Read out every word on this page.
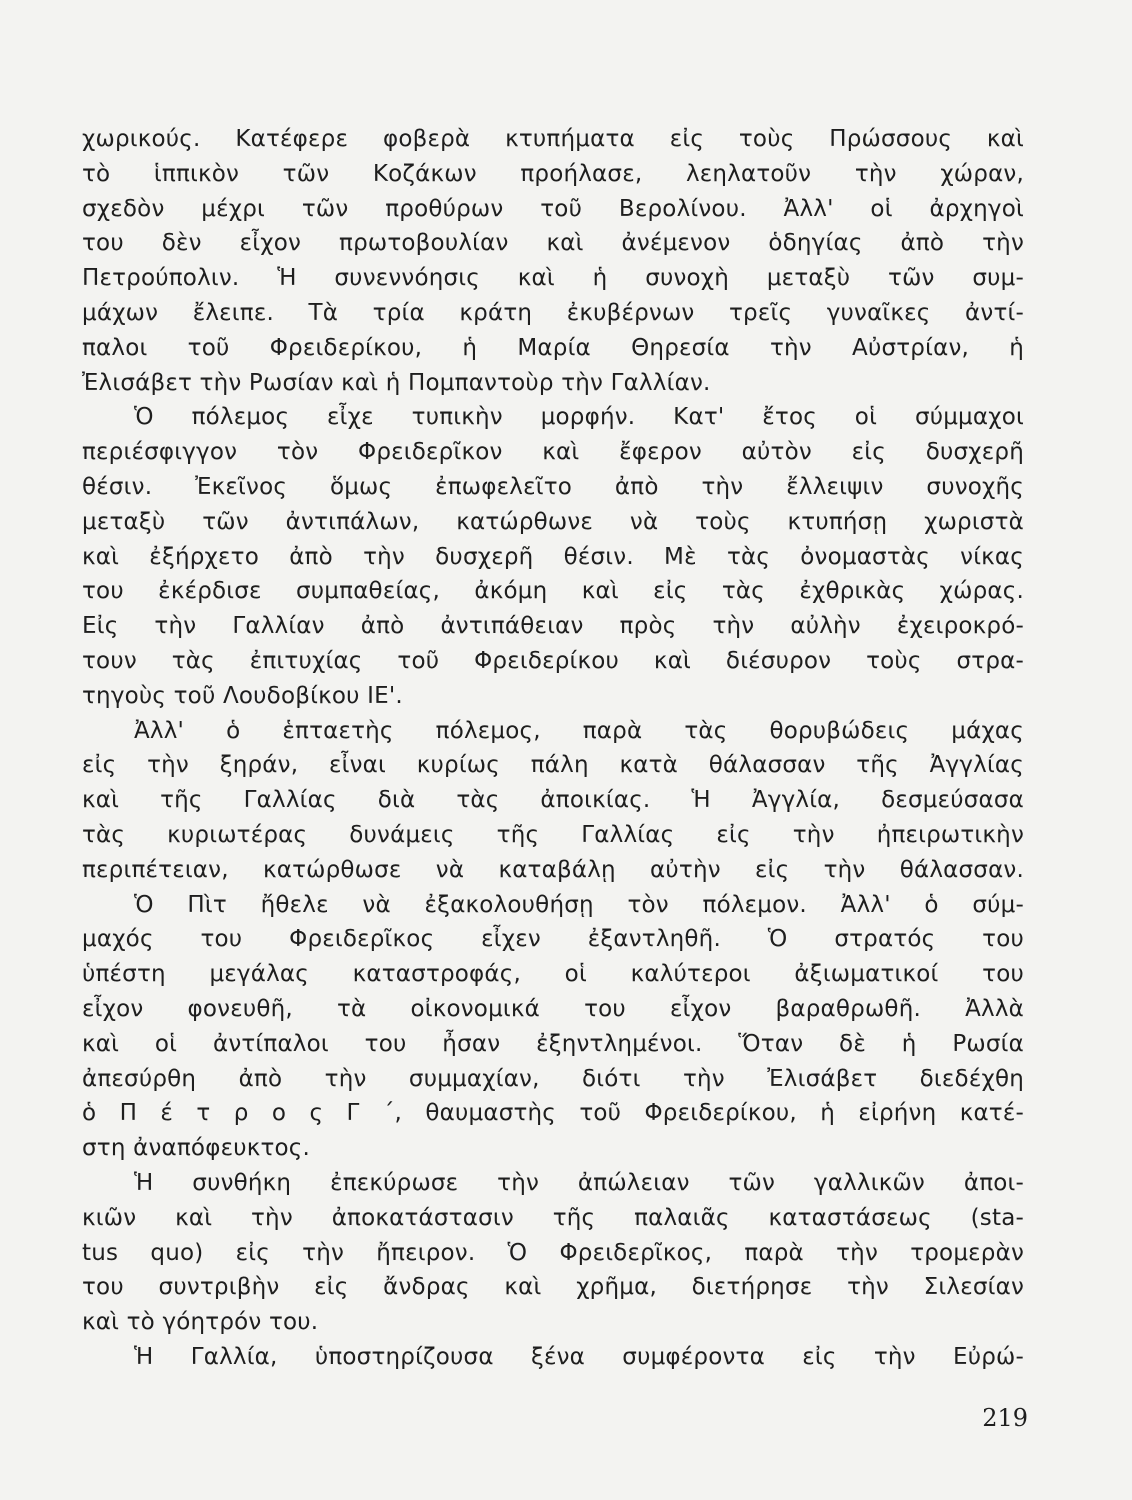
χωρικούς. Κατέφερε φοβερὰ κτυπήματα εἰς τοὺς Πρώσσους καὶ
τὸ ἱππικὸν τῶν Κοζάκων προήλασε, λεηλατοῦν τὴν χώραν,
σχεδὸν μέχρι τῶν προθύρων τοῦ Βερολίνου. Ἀλλ' οἱ ἀρχηγοὶ
του δὲν εἶχον πρωτοβουλίαν καὶ ἀνέμενον ὁδηγίας ἀπὸ τὴν
Πετρούπολιν. Ἡ συνεννόησις καὶ ἡ συνοχὴ μεταξὺ τῶν συμ-
μάχων ἔλειπε. Τὰ τρία κράτη ἐκυβέρνων τρεῖς γυναῖκες ἀντί-
παλοι τοῦ Φρειδερίκου, ἡ Μαρία Θηρεσία τὴν Αὐστρίαν, ἡ
Ἐλισάβετ τὴν Ρωσίαν καὶ ἡ Πομπαντοὺρ τὴν Γαλλίαν.
Ὁ πόλεμος εἶχε τυπικὴν μορφήν. Κατ' ἔτος οἱ σύμμαχοι
περιέσφιγγον τὸν Φρειδερῖκον καὶ ἔφερον αὐτὸν εἰς δυσχερῆ
θέσιν. Ἐκεῖνος ὅμως ἐπωφελεῖτο ἀπὸ τὴν ἔλλειψιν συνοχῆς
μεταξὺ τῶν ἀντιπάλων, κατώρθωνε νὰ τοὺς κτυπήσῃ χωριστὰ
καὶ ἐξήρχετο ἀπὸ τὴν δυσχερῆ θέσιν. Μὲ τὰς ὀνομαστὰς νίκας
του ἐκέρδισε συμπαθείας, ἀκόμη καὶ εἰς τὰς ἐχθρικὰς χώρας.
Εἰς τὴν Γαλλίαν ἀπὸ ἀντιπάθειαν πρὸς τὴν αὐλὴν ἐχειροκρό-
τουν τὰς ἐπιτυχίας τοῦ Φρειδερίκου καὶ διέσυρον τοὺς στρα-
τηγοὺς τοῦ Λουδοβίκου ΙΕ'.
Ἀλλ' ὁ ἑπταετὴς πόλεμος, παρὰ τὰς θορυβώδεις μάχας
εἰς τὴν ξηράν, εἶναι κυρίως πάλη κατὰ θάλασσαν τῆς Ἀγγλίας
καὶ τῆς Γαλλίας διὰ τὰς ἀποικίας. Ἡ Ἀγγλία, δεσμεύσασα
τὰς κυριωτέρας δυνάμεις τῆς Γαλλίας εἰς τὴν ἠπειρωτικὴν
περιπέτειαν, κατώρθωσε νὰ καταβάλῃ αὐτὴν εἰς τὴν θάλασσαν.
Ὁ Πὶτ ἤθελε νὰ ἐξακολουθήσῃ τὸν πόλεμον. Ἀλλ' ὁ σύμ-
μαχός του Φρειδερῖκος εἶχεν ἐξαντληθῆ. Ὁ στρατός του
ὑπέστη μεγάλας καταστροφάς, οἱ καλύτεροι ἀξιωματικοί του
εἶχον φονευθῆ, τὰ οἰκονομικά του εἶχον βαραθρωθῆ. Ἀλλὰ
καὶ οἱ ἀντίπαλοι του ἦσαν ἐξηντλημένοι. Ὅταν δὲ ἡ Ρωσία
ἀπεσύρθη ἀπὸ τὴν συμμαχίαν, διότι τὴν Ἐλισάβετ διεδέχθη
ὁ Π έ τ ρ ο ς Γ ΄, θαυμαστὴς τοῦ Φρειδερίκου, ἡ εἰρήνη κατέ-
στη ἀναπόφευκτος.
Ἡ συνθήκη ἐπεκύρωσε τὴν ἀπώλειαν τῶν γαλλικῶν ἀποι-
κιῶν καὶ τὴν ἀποκατάστασιν τῆς παλαιᾶς καταστάσεως (sta-
tus quo) εἰς τὴν ἤπειρον. Ὁ Φρειδερῖκος, παρὰ τὴν τρομερὰν
του συντριβὴν εἰς ἄνδρας καὶ χρῆμα, διετήρησε τὴν Σιλεσίαν
καὶ τὸ γόητρόν του.
Ἡ Γαλλία, ὑποστηρίζουσα ξένα συμφέροντα εἰς τὴν Εὐρώ-
219
